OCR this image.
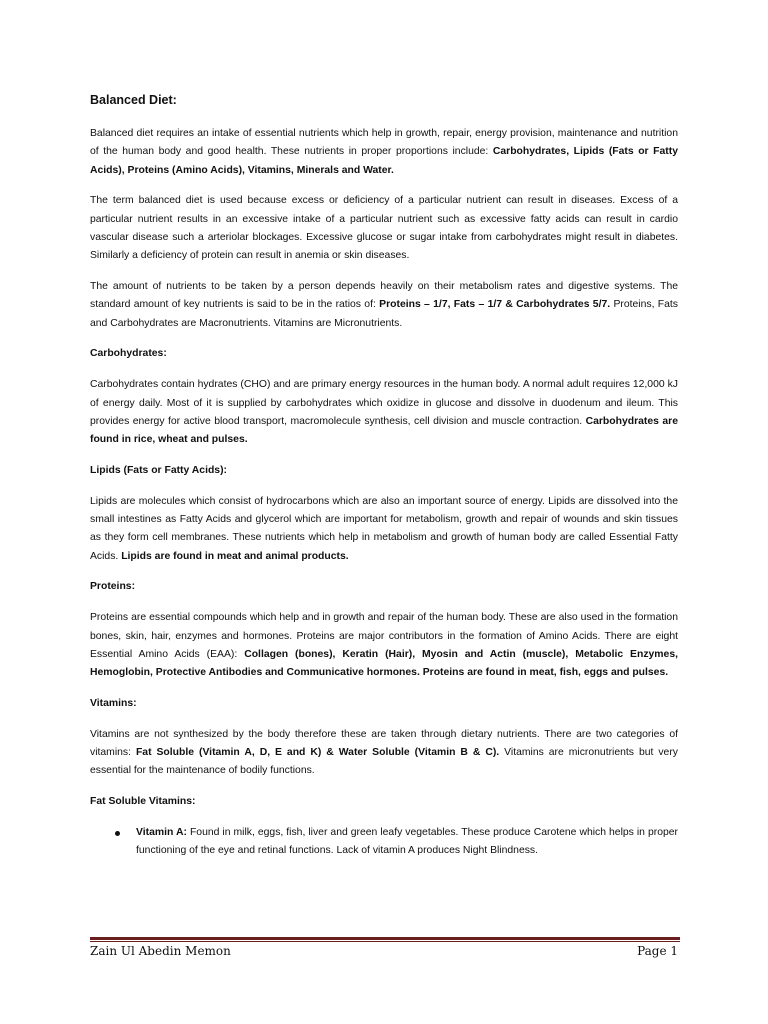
Balanced Diet:

Balanced diet requires an intake of essential nutrients which help in growth, repair, energy provision, maintenance and nutrition of the human body and good health. These nutrients in proper proportions include: Carbohydrates, Lipids (Fats or Fatty Acids), Proteins (Amino Acids), Vitamins, Minerals and Water.

The term balanced diet is used because excess or deficiency of a particular nutrient can result in diseases. Excess of a particular nutrient results in an excessive intake of a particular nutrient such as excessive fatty acids can result in cardio vascular disease such a arteriolar blockages. Excessive glucose or sugar intake from carbohydrates might result in diabetes. Similarly a deficiency of protein can result in anemia or skin diseases.

The amount of nutrients to be taken by a person depends heavily on their metabolism rates and digestive systems. The standard amount of key nutrients is said to be in the ratios of: Proteins – 1/7, Fats – 1/7 & Carbohydrates 5/7. Proteins, Fats and Carbohydrates are Macronutrients. Vitamins are Micronutrients.

Carbohydrates:

Carbohydrates contain hydrates (CHO) and are primary energy resources in the human body. A normal adult requires 12,000 kJ of energy daily. Most of it is supplied by carbohydrates which oxidize in glucose and dissolve in duodenum and ileum. This provides energy for active blood transport, macromolecule synthesis, cell division and muscle contraction. Carbohydrates are found in rice, wheat and pulses.

Lipids (Fats or Fatty Acids):

Lipids are molecules which consist of hydrocarbons which are also an important source of energy. Lipids are dissolved into the small intestines as Fatty Acids and glycerol which are important for metabolism, growth and repair of wounds and skin tissues as they form cell membranes. These nutrients which help in metabolism and growth of human body are called Essential Fatty Acids. Lipids are found in meat and animal products.

Proteins:

Proteins are essential compounds which help and in growth and repair of the human body. These are also used in the formation bones, skin, hair, enzymes and hormones. Proteins are major contributors in the formation of Amino Acids. There are eight Essential Amino Acids (EAA): Collagen (bones), Keratin (Hair), Myosin and Actin (muscle), Metabolic Enzymes, Hemoglobin, Protective Antibodies and Communicative hormones. Proteins are found in meat, fish, eggs and pulses.

Vitamins:

Vitamins are not synthesized by the body therefore these are taken through dietary nutrients. There are two categories of vitamins: Fat Soluble (Vitamin A, D, E and K) & Water Soluble (Vitamin B & C). Vitamins are micronutrients but very essential for the maintenance of bodily functions.

Fat Soluble Vitamins:
Vitamin A: Found in milk, eggs, fish, liver and green leafy vegetables. These produce Carotene which helps in proper functioning of the eye and retinal functions. Lack of vitamin A produces Night Blindness.
Zain Ul Abedin Memon	Page 1
